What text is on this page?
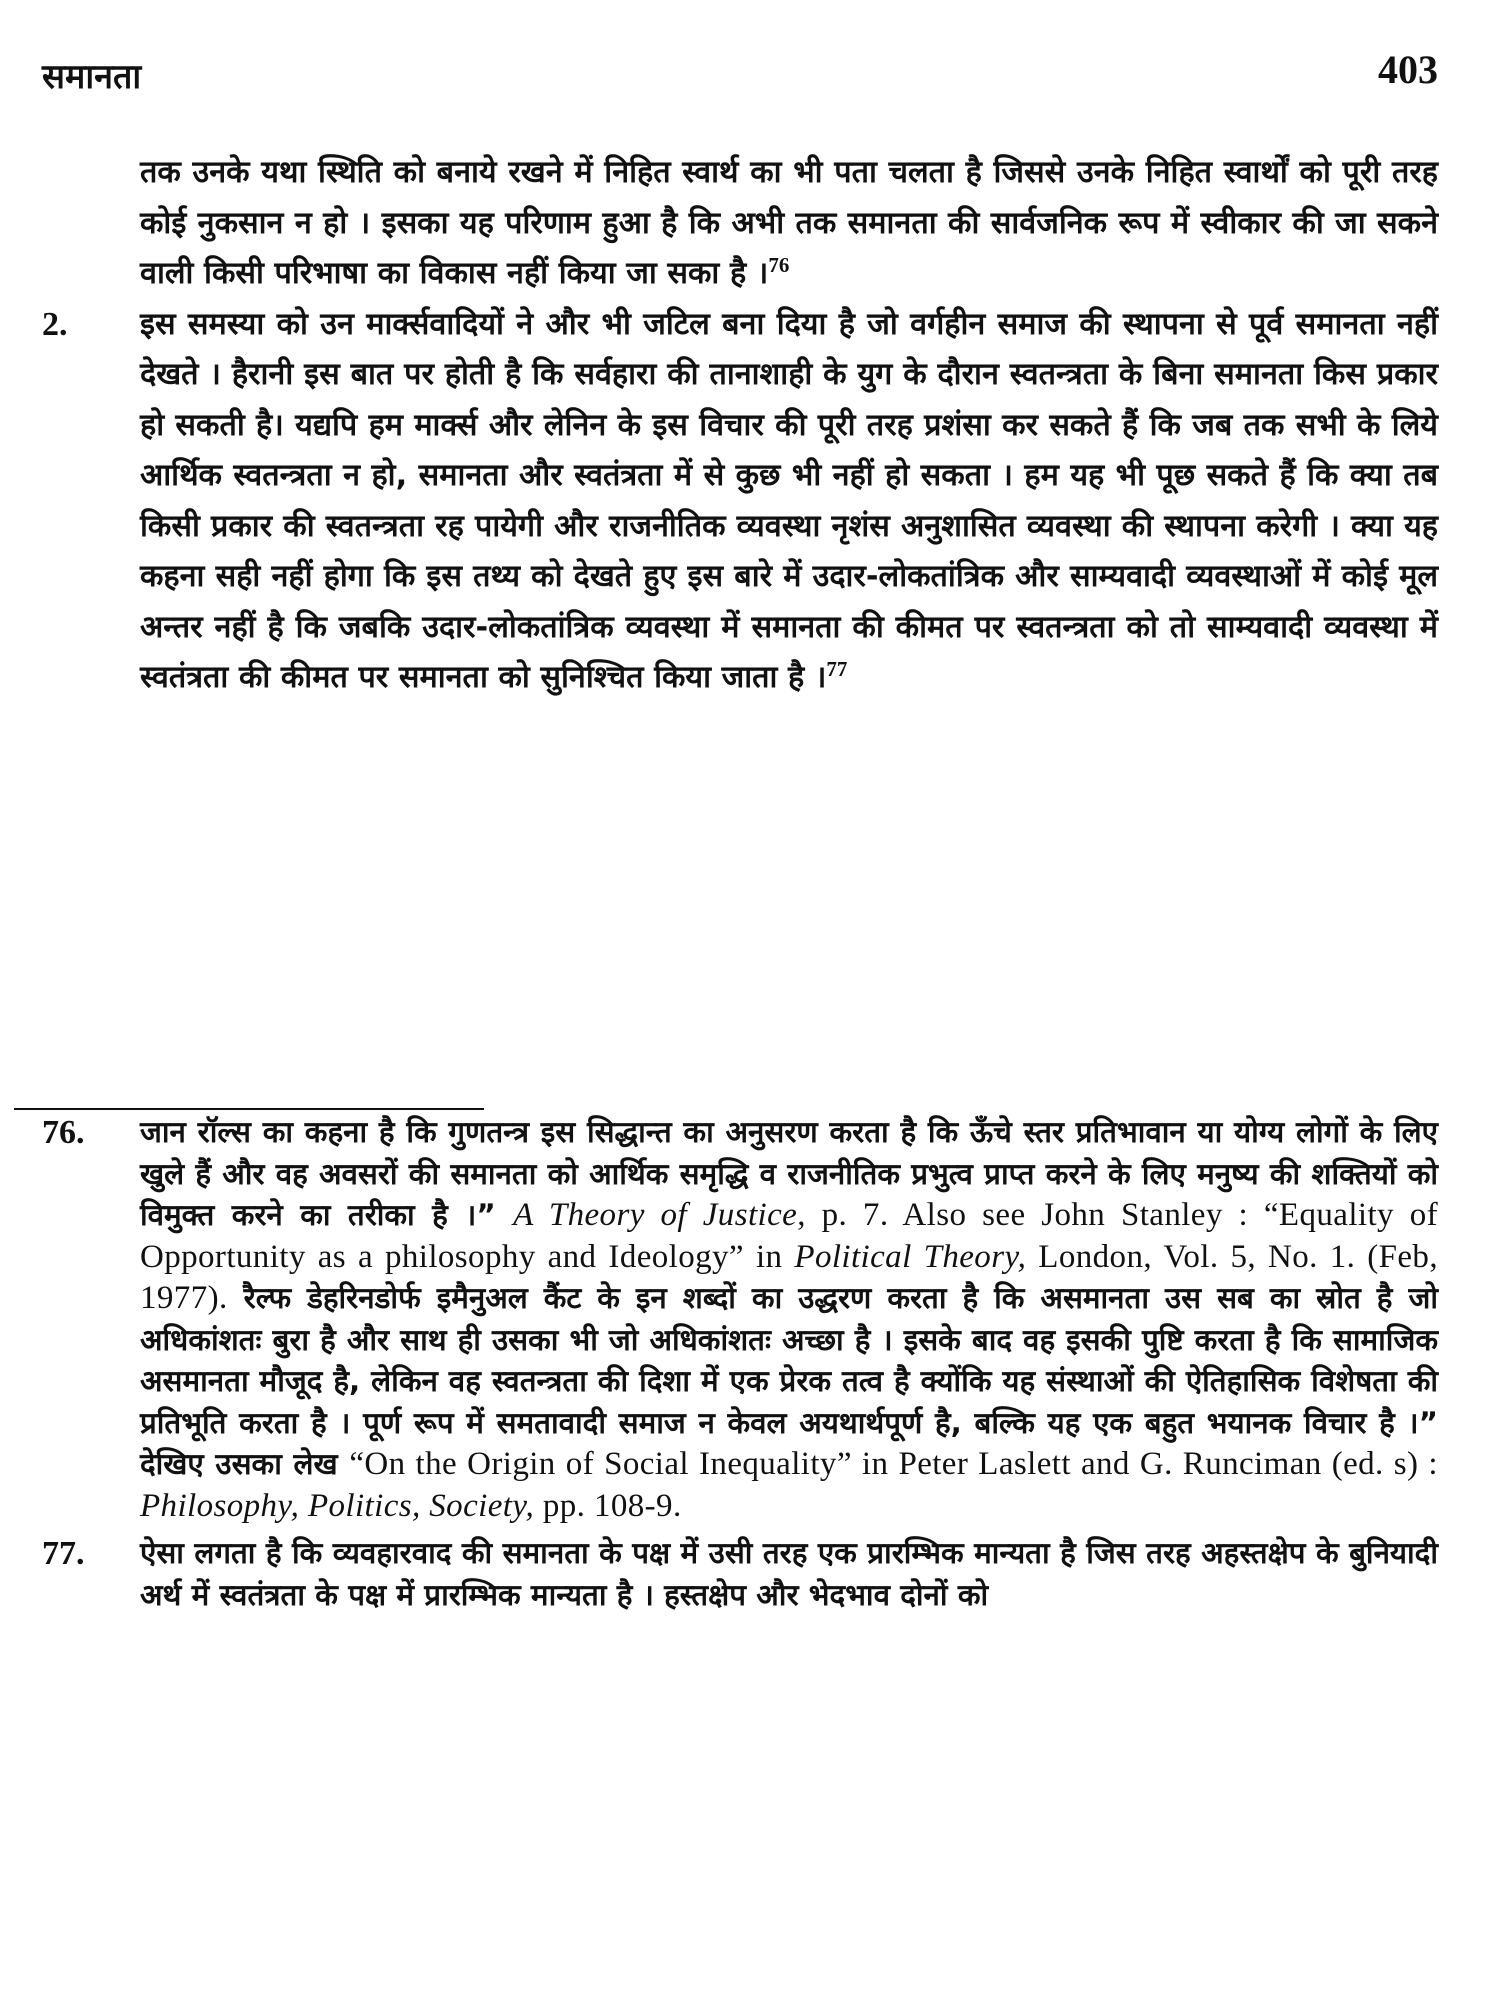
समानता	403

तक उनके यथा स्थिति को बनाये रखने में निहित स्वार्थ का भी पता चलता है जिससे उनके निहित स्वार्थों को पूरी तरह कोई नुकसान न हो । इसका यह परिणाम हुआ है कि अभी तक समानता की सार्वजनिक रूप में स्वीकार की जा सकने वाली किसी परिभाषा का विकास नहीं किया जा सका है ।$^{76}$

2.	इस समस्या को उन मार्क्सवादियों ने और भी जटिल बना दिया है जो वर्गहीन समाज की स्थापना से पूर्व समानता नहीं देखते । हैरानी इस बात पर होती है कि सर्वहारा की तानाशाही के युग के दौरान स्वतन्त्रता के बिना समानता किस प्रकार हो सकती है। यद्यपि हम मार्क्स और लेनिन के इस विचार की पूरी तरह प्रशंसा कर सकते हैं कि जब तक सभी के लिये आर्थिक स्वतन्त्रता न हो, समानता और स्वतंत्रता में से कुछ भी नहीं हो सकता । हम यह भी पूछ सकते हैं कि क्या तब किसी प्रकार की स्वतन्त्रता रह पायेगी और राजनीतिक व्यवस्था नृशंस अनुशासित व्यवस्था की स्थापना करेगी । क्या यह कहना सही नहीं होगा कि इस तथ्य को देखते हुए इस बारे में उदार-लोकतांत्रिक और साम्यवादी व्यवस्थाओं में कोई मूल अन्तर नहीं है कि जबकि उदार-लोकतांत्रिक व्यवस्था में समानता की कीमत पर स्वतन्त्रता को तो साम्यवादी व्यवस्था में स्वतंत्रता की कीमत पर समानता को सुनिश्चित किया जाता है ।$^{77}$
76.	जान रॉल्स का कहना है कि गुणतन्त्र इस सिद्धान्त का अनुसरण करता है कि ऊँचे स्तर प्रतिभावान या योग्य लोगों के लिए खुले हैं और वह अवसरों की समानता को आर्थिक समृद्धि व राजनीतिक प्रभुत्व प्राप्त करने के लिए मनुष्य की शक्तियों को विमुक्त करने का तरीका है ।” A Theory of Justice, p. 7. Also see John Stanley : “Equality of Opportunity as a philosophy and Ideology” in Political Theory, London, Vol. 5, No. 1. (Feb, 1977). रैल्फ डेहरिनडोर्फ इमैनुअल कैंट के इन शब्दों का उद्धरण करता है कि असमानता उस सब का स्रोत है जो अधिकांशतः बुरा है और साथ ही उसका भी जो अधिकांशतः अच्छा है । इसके बाद वह इसकी पुष्टि करता है कि सामाजिक असमानता मौजूद है, लेकिन वह स्वतन्त्रता की दिशा में एक प्रेरक तत्व है क्योंकि यह संस्थाओं की ऐतिहासिक विशेषता की प्रतिभूति करता है । पूर्ण रूप में समतावादी समाज न केवल अयथार्थपूर्ण है, बल्कि यह एक बहुत भयानक विचार है ।” देखिए उसका लेख “On the Origin of Social Inequality” in Peter Laslett and G. Runciman (ed. s) : Philosophy, Politics, Society, pp. 108-9.
77.	ऐसा लगता है कि व्यवहारवाद की समानता के पक्ष में उसी तरह एक प्रारम्भिक मान्यता है जिस तरह अहस्तक्षेप के बुनियादी अर्थ में स्वतंत्रता के पक्ष में प्रारम्भिक मान्यता है । हस्तक्षेप और भेदभाव दोनों को
